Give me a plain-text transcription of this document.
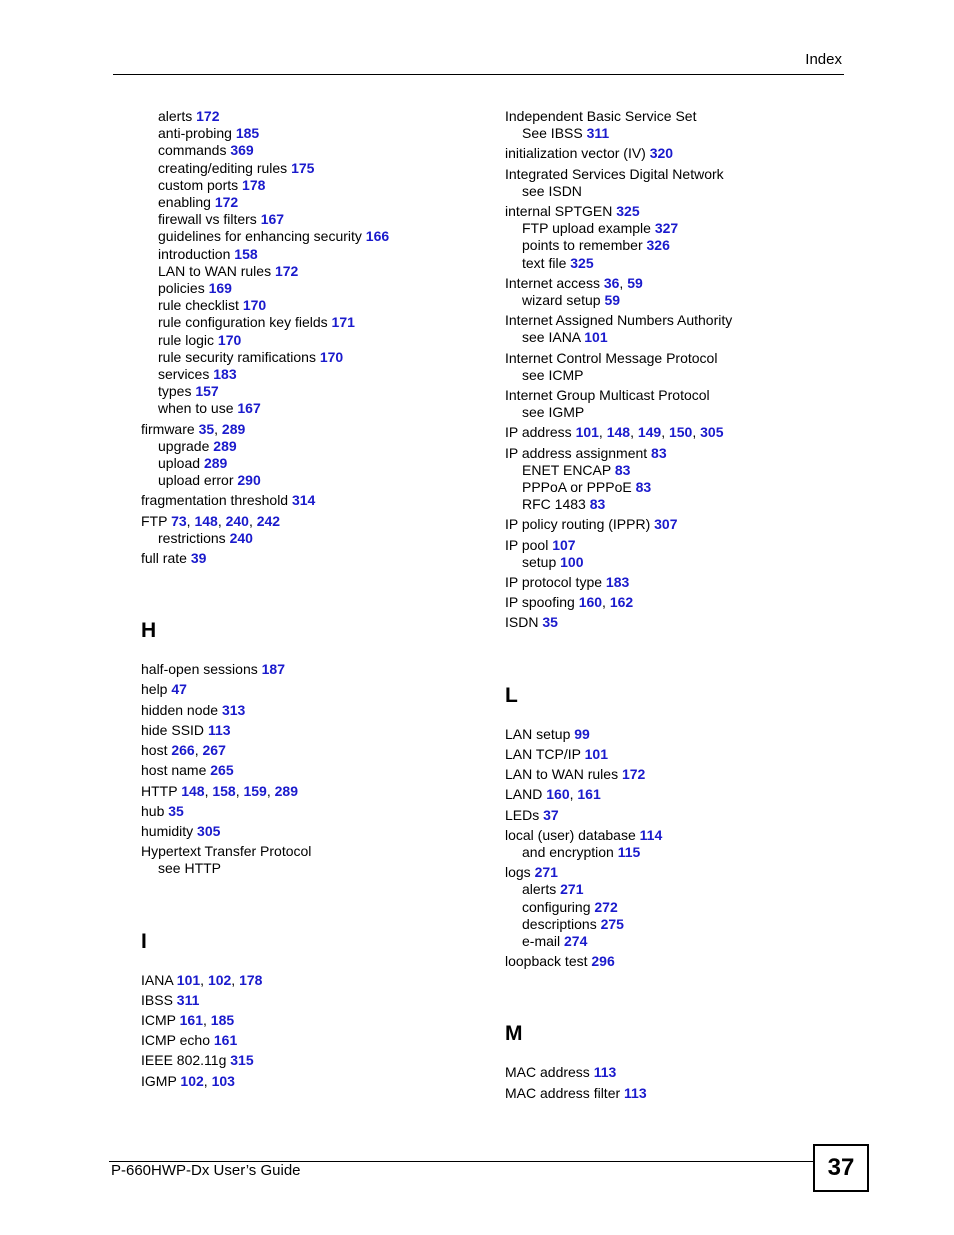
Index
alerts 172
anti-probing 185
commands 369
creating/editing rules 175
custom ports 178
enabling 172
firewall vs filters 167
guidelines for enhancing security 166
introduction 158
LAN to WAN rules 172
policies 169
rule checklist 170
rule configuration key fields 171
rule logic 170
rule security ramifications 170
services 183
types 157
when to use 167
firmware 35, 289
upgrade 289
upload 289
upload error 290
fragmentation threshold 314
FTP 73, 148, 240, 242
restrictions 240
full rate 39
H
half-open sessions 187
help 47
hidden node 313
hide SSID 113
host 266, 267
host name 265
HTTP 148, 158, 159, 289
hub 35
humidity 305
Hypertext Transfer Protocol
see HTTP
I
IANA 101, 102, 178
IBSS 311
ICMP 161, 185
ICMP echo 161
IEEE 802.11g 315
IGMP 102, 103
Independent Basic Service Set
See IBSS 311
initialization vector (IV) 320
Integrated Services Digital Network
see ISDN
internal SPTGEN 325
FTP upload example 327
points to remember 326
text file 325
Internet access 36, 59
wizard setup 59
Internet Assigned Numbers Authority
see IANA 101
Internet Control Message Protocol
see ICMP
Internet Group Multicast Protocol
see IGMP
IP address 101, 148, 149, 150, 305
IP address assignment 83
ENET ENCAP 83
PPPoA or PPPoE 83
RFC 1483 83
IP policy routing (IPPR) 307
IP pool 107
setup 100
IP protocol type 183
IP spoofing 160, 162
ISDN 35
L
LAN setup 99
LAN TCP/IP 101
LAN to WAN rules 172
LAND 160, 161
LEDs 37
local (user) database 114
and encryption 115
logs 271
alerts 271
configuring 272
descriptions 275
e-mail 274
loopback test 296
M
MAC address 113
MAC address filter 113
P-660HWP-Dx User’s Guide	37
